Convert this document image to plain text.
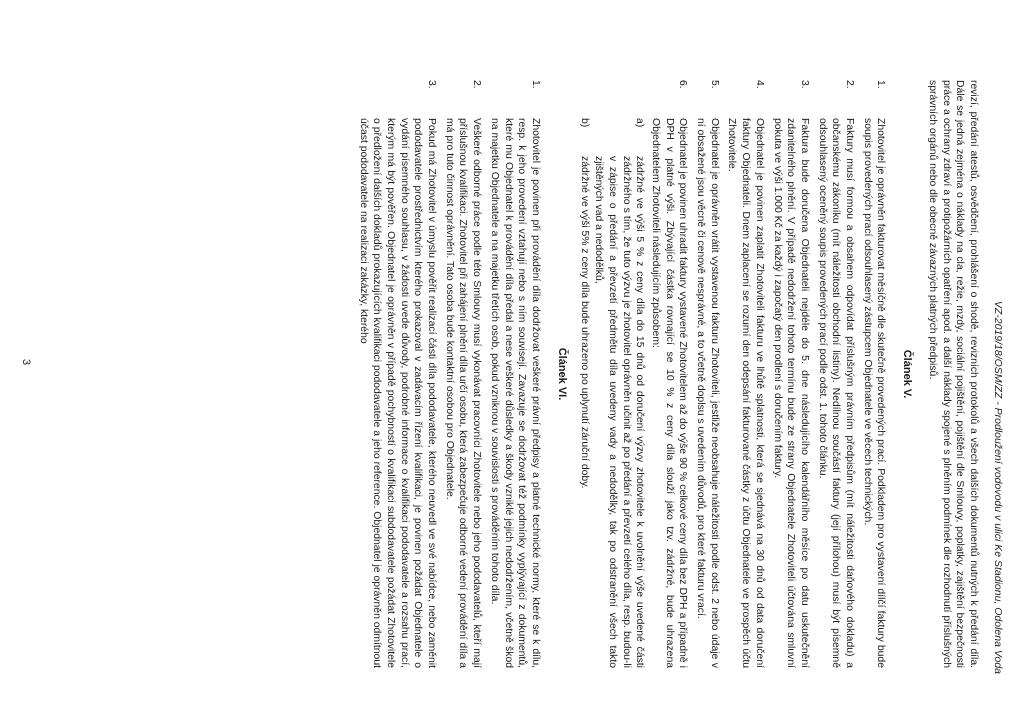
VZ-2019/18/OSM/ZZ - Prodloužení vodovodu v ulici Ke Stadionu, Odolena Voda

revizí, předání atestů, osvědčení, prohlášení o shodě, revizních protokolů a všech dalších dokumentů nutných k předání díla. Dále se jedná zejména o náklady na cla, režie, mzdy, sociální pojištění, pojištění dle Smlouvy, poplatky, zajištění bezpečnosti práce a ochrany zdraví a protipožárních opatření apod. a další náklady spojené s plněním podmínek dle rozhodnutí příslušných správních orgánů nebo dle obecně závazných platných předpisů.

Článek V.
1.
Zhotovitel je oprávněn fakturovat měsíčně dle skutečně provedených prací. Podkladem pro vystavení dílčí faktury bude soupis provedených prací odsouhlasený zástupcem Objednatele ve věcech technických.
2.
Faktury musí formou a obsahem odpovídat příslušným právním předpisům (mít náležitosti daňového dokladu) a občanskému zákoníku (mít náležitosti obchodní listiny). Nedílnou součástí faktury (její přílohou) musí být písemně odsouhlasený oceněný soupis provedených prací podle odst. 1. tohoto článku.
3.
Faktura bude doručena Objednateli nejdéle do 5. dne následujícího kalendářního měsíce po datu uskutečnění zdanitelného plnění. V případě nedodržení tohoto termínu bude ze strany Objednatele Zhotoviteli účtována smluvní pokuta ve výši 1.000 Kč za každý i započatý den prodlení s doručením faktury.
4.
Objednatel je povinen zaplatit Zhotoviteli fakturu ve lhůtě splatnosti, která se sjednává na 30 dnů od data doručení faktury Objednateli. Dnem zaplacení se rozumí den odepsání fakturované částky z účtu Objednatele ve prospěch účtu Zhotovitele.
5.
Objednatel je oprávněn vrátit vystavenou fakturu Zhotoviteli, jestliže neobsahuje náležitosti podle odst. 2 nebo údaje v ní obsažené jsou věcně či cenově nesprávné, a to včetně doplsu s uvedením důvodů, pro které fakturu vrací.
6.
Objednatel je povinen uhradit faktury vystavené Zhotovitelem až do výše 90 % celkové ceny díla bez DPH a případně i DPH v platné výši. Zbývající částka rovnající se 10 % z ceny díla slouží jako tzv. zádržné, bude uhrazena Objednatelem Zhotoviteli následujícím způsobem:
a)
zádržné ve výši 5 % z ceny díla do 15 dnů od doručení výzvy zhotovitele k uvolnění výše uvedené části zádržného s tím, že tuto výzvu je zhotovitel oprávněn učinit až po předání a převzetí celého díla, resp. budou-li v zápise o předání a převzetí předmětu díla uvedeny vady a nedodělky, tak po odstranění všech takto zjištěných vad a nedodělků,
b)
zádržné ve výši 5% z ceny díla bude uhrazeno po uplynutí záruční doby.
Článek VI.
1.
Zhotovitel je povinen při provádění díla dodržovat veškeré právní předpisy a platné technické normy, které se k dílu, resp. k jeho provedení vztahují nebo s ním souvisejí. Zavazuje se dodržovat též podmínky vyplývající z dokumentů, které mu Objednatel k provádění díla předal a nese veškeré důsledky a škody vzniklé jejich nedodržením, včetně škod na majetku Objednatele a na majetku třetích osob, pokud vzniknou v souvislosti s prováděním tohoto díla.
2.
Veškeré odborné práce podle této Smlouvy musí vykonávat pracovníci Zhotovitele nebo jeho pododavatelů, kteří mají příslušnou kvalifikaci. Zhotovitel při zahájení plnění díla určí osobu, která zabezpečuje odborné vedení provádění díla a má pro tuto činnost oprávnění. Tato osoba bude kontaktní osobou pro Objednatele.
3.
Pokud má Zhotovitel v úmyslu pověřit realizací části díla pododavatele, kterého neuvedl ve své nabídce, nebo zaměnit pododavatele prostřednictvím kterého prokazoval v zadávacím řízení kvalifikaci, je povinen požádat Objednatele o vydání písemného souhlasu, v žádosti uvede důvody, podrobné informace o kvalifikaci pododavatele a rozsahu prací, kterým má být pověřen. Objednatel je oprávněn v případě pochybností o kvalifikaci subdodavatele požádat Zhotovitele o předložení dalších dokladů prokazujících kvalifikaci pododavatele a jeho reference. Objednatel je oprávněn odmítnout účast pododavatele na realizaci zakázky, kterého
3
